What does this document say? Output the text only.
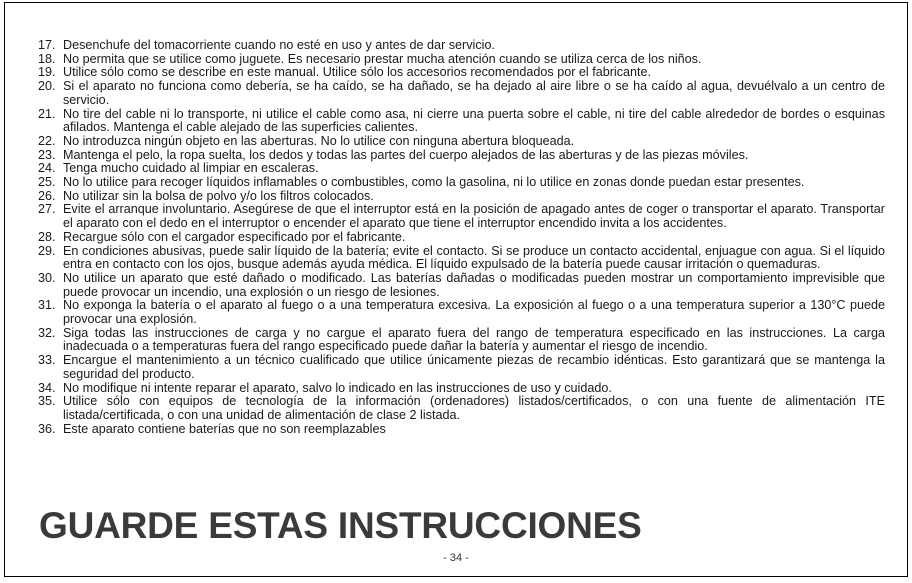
17. Desenchufe del tomacorriente cuando no esté en uso y antes de dar servicio.
18. No permita que se utilice como juguete. Es necesario prestar mucha atención cuando se utiliza cerca de los niños.
19. Utilice sólo como se describe en este manual. Utilice sólo los accesorios recomendados por el fabricante.
20. Si el aparato no funciona como debería, se ha caído, se ha dañado, se ha dejado al aire libre o se ha caído al agua, devuélvalo a un centro de servicio.
21. No tire del cable ni lo transporte, ni utilice el cable como asa, ni cierre una puerta sobre el cable, ni tire del cable alrededor de bordes o esquinas afilados. Mantenga el cable alejado de las superficies calientes.
22. No introduzca ningún objeto en las aberturas. No lo utilice con ninguna abertura bloqueada.
23. Mantenga el pelo, la ropa suelta, los dedos y todas las partes del cuerpo alejados de las aberturas y de las piezas móviles.
24. Tenga mucho cuidado al limpiar en escaleras.
25. No lo utilice para recoger líquidos inflamables o combustibles, como la gasolina, ni lo utilice en zonas donde puedan estar presentes.
26. No utilizar sin la bolsa de polvo y/o los filtros colocados.
27. Evite el arranque involuntario. Asegúrese de que el interruptor está en la posición de apagado antes de coger o transportar el aparato. Transportar el aparato con el dedo en el interruptor o encender el aparato que tiene el interruptor encendido invita a los accidentes.
28. Recargue sólo con el cargador especificado por el fabricante.
29. En condiciones abusivas, puede salir líquido de la batería; evite el contacto. Si se produce un contacto accidental, enjuague con agua. Si el líquido entra en contacto con los ojos, busque además ayuda médica. El líquido expulsado de la batería puede causar irritación o quemaduras.
30. No utilice un aparato que esté dañado o modificado. Las baterías dañadas o modificadas pueden mostrar un comportamiento imprevisible que puede provocar un incendio, una explosión o un riesgo de lesiones.
31. No exponga la batería o el aparato al fuego o a una temperatura excesiva. La exposición al fuego o a una temperatura superior a 130°C puede provocar una explosión.
32. Siga todas las instrucciones de carga y no cargue el aparato fuera del rango de temperatura especificado en las instrucciones. La carga inadecuada o a temperaturas fuera del rango especificado puede dañar la batería y aumentar el riesgo de incendio.
33. Encargue el mantenimiento a un técnico cualificado que utilice únicamente piezas de recambio idénticas. Esto garantizará que se mantenga la seguridad del producto.
34. No modifique ni intente reparar el aparato, salvo lo indicado en las instrucciones de uso y cuidado.
35. Utilice sólo con equipos de tecnología de la información (ordenadores) listados/certificados, o con una fuente de alimentación ITE listada/certificada, o con una unidad de alimentación de clase 2 listada.
36. Este aparato contiene baterías que no son reemplazables
GUARDE ESTAS INSTRUCCIONES
- 34 -
